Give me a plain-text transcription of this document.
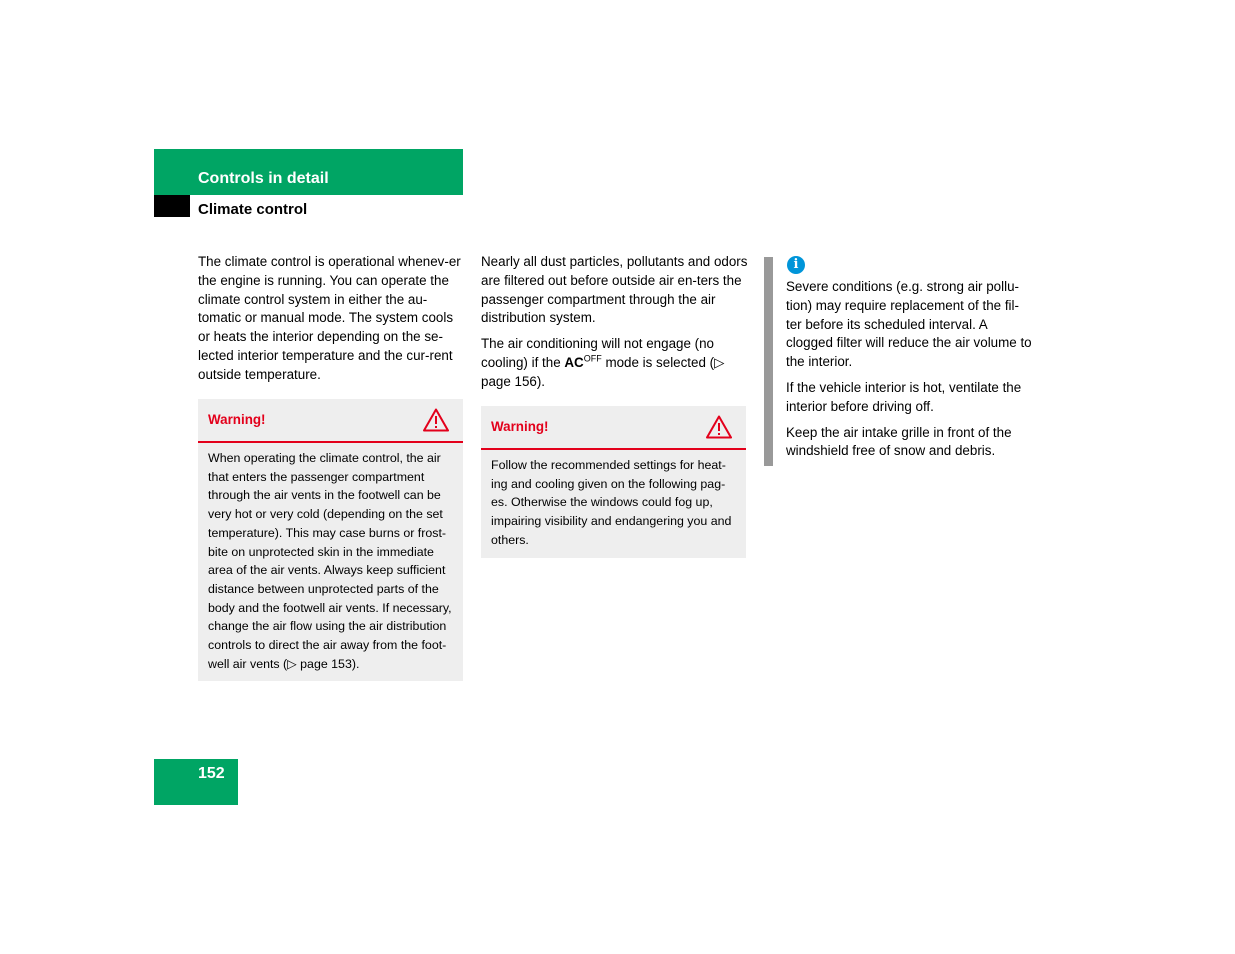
Controls in detail
Climate control

The climate control is operational whenev-er the engine is running. You can operate the climate control system in either the au-tomatic or manual mode. The system cools or heats the interior depending on the se-lected interior temperature and the cur-rent outside temperature.

Warning!
When operating the climate control, the air that enters the passenger compartment through the air vents in the footwell can be very hot or very cold (depending on the set temperature). This may case burns or frost-bite on unprotected skin in the immediate area of the air vents. Always keep sufficient distance between unprotected parts of the body and the footwell air vents. If necessary, change the air flow using the air distribution controls to direct the air away from the foot-well air vents (▷ page 153).

Nearly all dust particles, pollutants and odors are filtered out before outside air en-ters the passenger compartment through the air distribution system.

The air conditioning will not engage (no cooling) if the $AC^{OFF}$ mode is selected (▷ page 156).

Warning!
Follow the recommended settings for heat-ing and cooling given on the following pag-es. Otherwise the windows could fog up, impairing visibility and endangering you and others.
i

Severe conditions (e.g. strong air pollu-tion) may require replacement of the fil-ter before its scheduled interval. A clogged filter will reduce the air volume to the interior.

If the vehicle interior is hot, ventilate the interior before driving off.

Keep the air intake grille in front of the windshield free of snow and debris.

152
